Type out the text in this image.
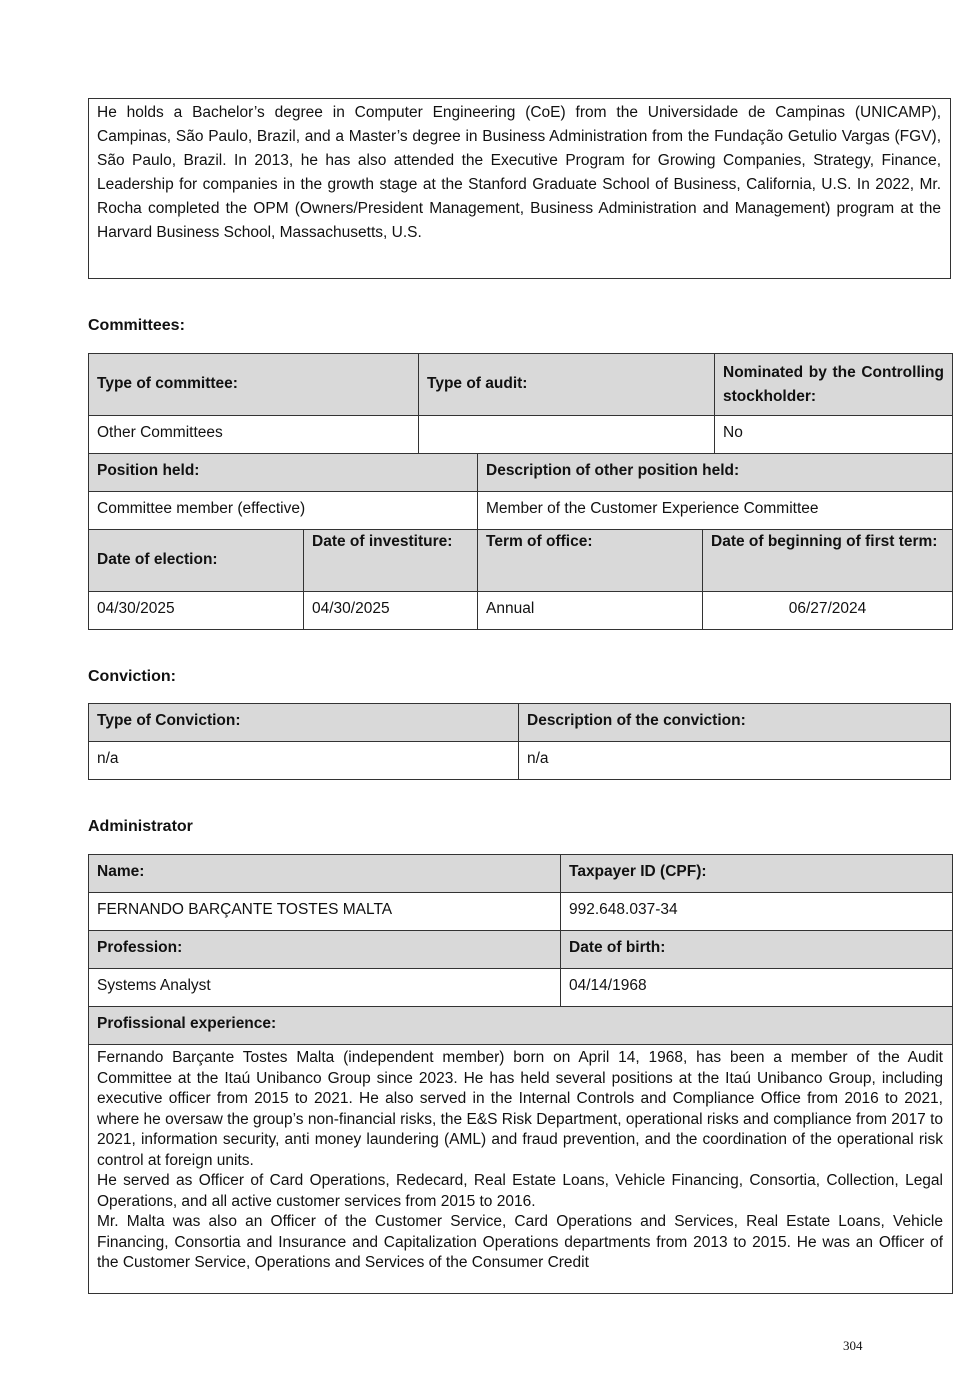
He holds a Bachelor’s degree in Computer Engineering (CoE) from the Universidade de Campinas (UNICAMP), Campinas, São Paulo, Brazil, and a Master’s degree in Business Administration from the Fundação Getulio Vargas (FGV), São Paulo, Brazil. In 2013, he has also attended the Executive Program for Growing Companies, Strategy, Finance, Leadership for companies in the growth stage at the Stanford Graduate School of Business, California, U.S. In 2022, Mr. Rocha completed the OPM (Owners/President Management, Business Administration and Management) program at the Harvard Business School, Massachusetts, U.S.
Committees:
Type of committee:	Type of audit:	Nominated by the Controlling stockholder:

Other Committees		No
Position held:	Description of other position held:
Committee member (effective)	Member of the Customer Experience Committee
Date of election:	Date of investiture:	Term of office:	Date of beginning of first term:

04/30/2025	04/30/2025	Annual	06/27/2024
Conviction:
Type of Conviction:	Description of the conviction:
n/a	n/a
Administrator
Name:	Taxpayer ID (CPF):
FERNANDO BARÇANTE TOSTES MALTA	992.648.037-34
Profession:	Date of birth:
Systems Analyst	04/14/1968
Profissional experience:	

Fernando Barçante Tostes Malta (independent member) born on April 14, 1968, has been a member of the Audit Committee at the Itaú Unibanco Group since 2023. He has held several positions at the Itaú Unibanco Group, including executive officer from 2015 to 2021. He also served in the Internal Controls and Compliance Office from 2016 to 2021, where he oversaw the group’s non-financial risks, the E&S Risk Department, operational risks and compliance from 2017 to 2021, information security, anti money laundering (AML) and fraud prevention, and the coordination of the operational risk control at foreign units.

He served as Officer of Card Operations, Redecard, Real Estate Loans, Vehicle Financing, Consortia, Collection, Legal Operations, and all active customer services from 2015 to 2016.

Mr. Malta was also an Officer of the Customer Service, Card Operations and Services, Real Estate Loans, Vehicle Financing, Consortia and Insurance and Capitalization Operations departments from 2013 to 2015. He was an Officer of the Customer Service, Operations and Services of the Consumer Credit	

304
